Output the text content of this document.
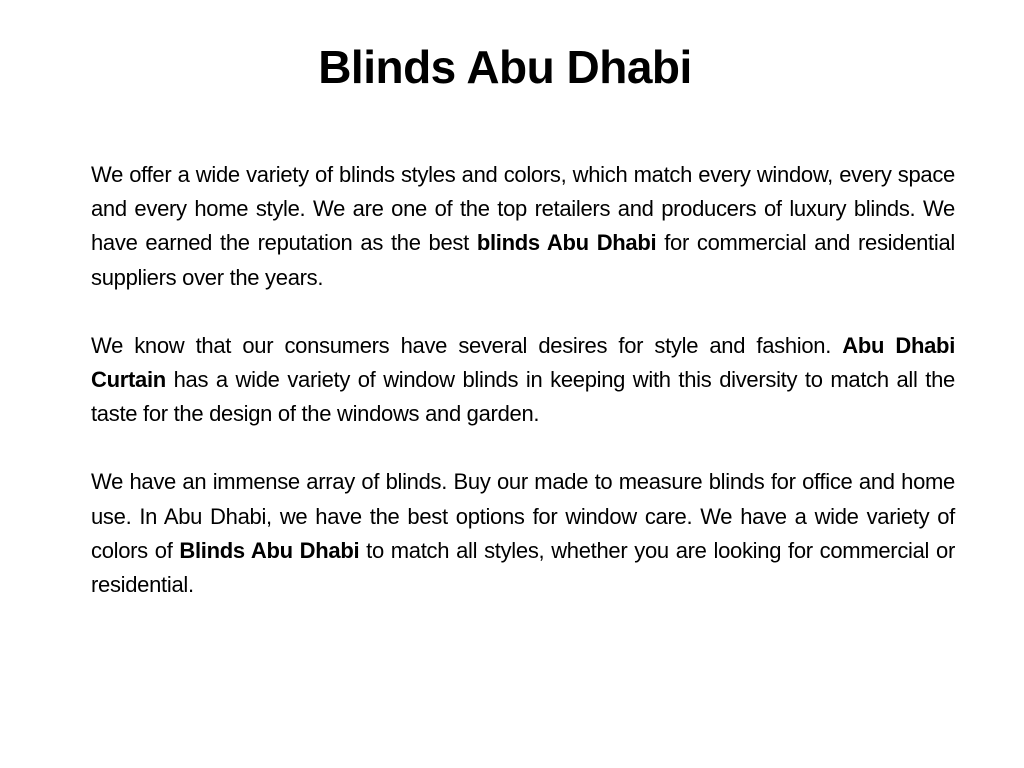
Blinds Abu Dhabi

We offer a wide variety of blinds styles and colors, which match every window, every space and every home style. We are one of the top retailers and producers of luxury blinds. We have earned the reputation as the best blinds Abu Dhabi for commercial and residential suppliers over the years.

We know that our consumers have several desires for style and fashion. Abu Dhabi Curtain has a wide variety of window blinds in keeping with this diversity to match all the taste for the design of the windows and garden.

We have an immense array of blinds. Buy our made to measure blinds for office and home use. In Abu Dhabi, we have the best options for window care. We have a wide variety of colors of Blinds Abu Dhabi to match all styles, whether you are looking for commercial or residential.
